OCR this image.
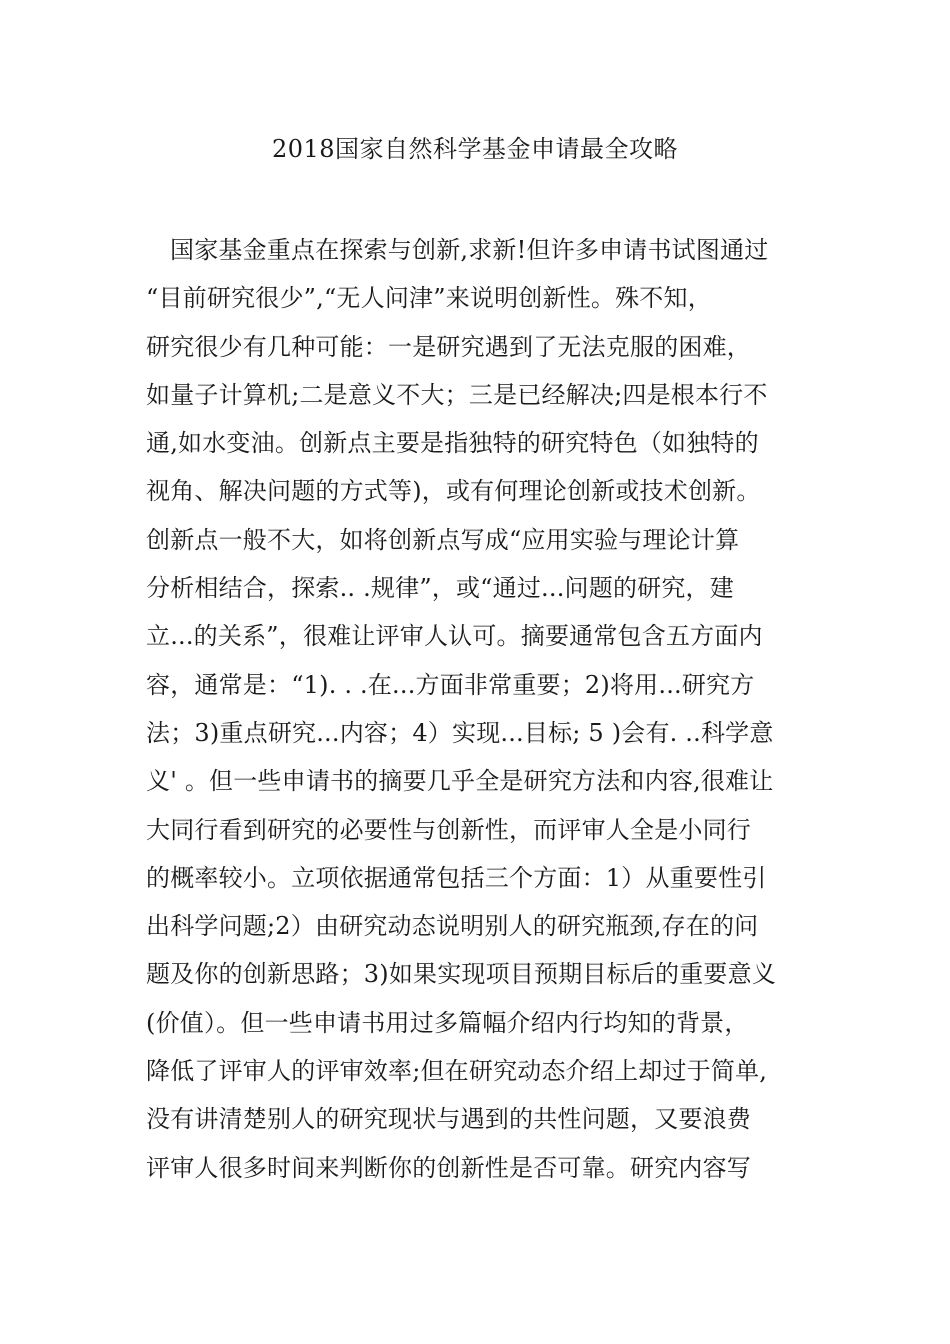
2018国家自然科学基金申请最全攻略
国家基金重点在探索与创新,求新!但许多申请书试图通过
“目前研究很少”,“无人问津”来说明创新性。殊不知，
研究很少有几种可能：一是研究遇到了无法克服的困难，
如量子计算机;二是意义不大；三是已经解决;四是根本行不
通,如水变油。创新点主要是指独特的研究特色（如独特的
视角、解决问题的方式等)，或有何理论创新或技术创新。
创新点一般不大，如将创新点写成“应用实验与理论计算
分析相结合，探索.. .规律”，或“通过...问题的研究，建
立...的关系”，很难让评审人认可。摘要通常包含五方面内
容，通常是：“1). . .在...方面非常重要；2)将用...研究方
法；3)重点研究...内容；4）实现...目标; 5 )会有. ..科学意
义' 。但一些申请书的摘要几乎全是研究方法和内容,很难让
大同行看到研究的必要性与创新性，而评审人全是小同行
的概率较小。立项依据通常包括三个方面：1）从重要性引
出科学问题;2）由研究动态说明别人的研究瓶颈,存在的问
题及你的创新思路；3)如果实现项目预期目标后的重要意义
(价值）。但一些申请书用过多篇幅介绍内行均知的背景，
降低了评审人的评审效率;但在研究动态介绍上却过于简单,
没有讲清楚别人的研究现状与遇到的共性问题，又要浪费
评审人很多时间来判断你的创新性是否可靠。研究内容写
